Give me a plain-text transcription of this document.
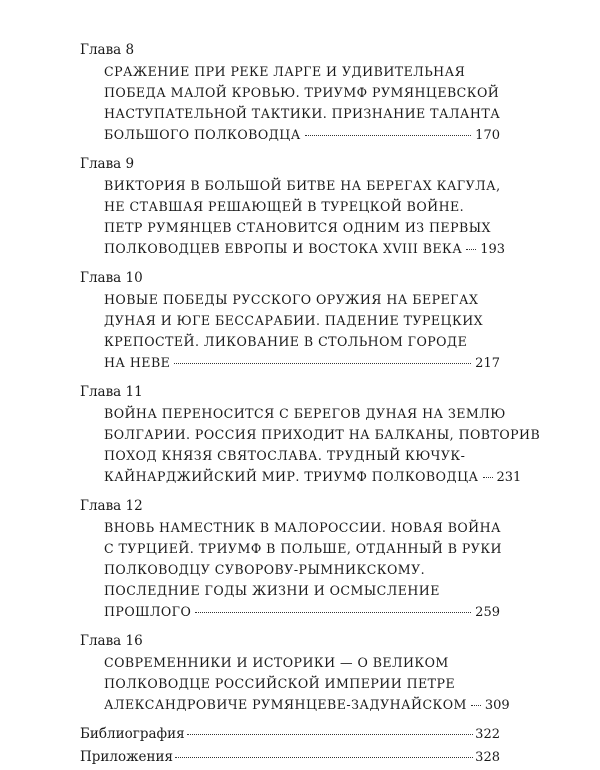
Глава 8
СРАЖЕНИЕ ПРИ РЕКЕ ЛАРГЕ И УДИВИТЕЛЬНАЯ
ПОБЕДА МАЛОЙ КРОВЬЮ. ТРИУМФ РУМЯНЦЕВСКОЙ
НАСТУПАТЕЛЬНОЙ ТАКТИКИ. ПРИЗНАНИЕ ТАЛАНТА
БОЛЬШОГО ПОЛКОВОДЦА	170
Глава 9
ВИКТОРИЯ В БОЛЬШОЙ БИТВЕ НА БЕРЕГАХ КАГУЛА,
НЕ СТАВШАЯ РЕШАЮЩЕЙ В ТУРЕЦКОЙ ВОЙНЕ.
ПЕТР РУМЯНЦЕВ СТАНОВИТСЯ ОДНИМ ИЗ ПЕРВЫХ
ПОЛКОВОДЦЕВ ЕВРОПЫ И ВОСТОКА XVIII ВЕКА 193
Глава 10
НОВЫЕ ПОБЕДЫ РУССКОГО ОРУЖИЯ НА БЕРЕГАХ
ДУНАЯ И ЮГЕ БЕССАРАБИИ. ПАДЕНИЕ ТУРЕЦКИХ
КРЕПОСТЕЙ. ЛИКОВАНИЕ В СТОЛЬНОМ ГОРОДЕ
НА НЕВЕ	217
Глава 11
ВОЙНА ПЕРЕНОСИТСЯ С БЕРЕГОВ ДУНАЯ НА ЗЕМЛЮ
БОЛГАРИИ. РОССИЯ ПРИХОДИТ НА БАЛКАНЫ, ПОВТОРИВ
ПОХОД КНЯЗЯ СВЯТОСЛАВА. ТРУДНЫЙ КЮЧУК-
КАЙНАРДЖИЙСКИЙ МИР. ТРИУМФ ПОЛКОВОДЦА 231
Глава 12
ВНОВЬ НАМЕСТНИК В МАЛОРОССИИ. НОВАЯ ВОЙНА
С ТУРЦИЕЙ. ТРИУМФ В ПОЛЬШЕ, ОТДАННЫЙ В РУКИ
ПОЛКОВОДЦУ СУВОРОВУ-РЫМНИКСКОМУ.
ПОСЛЕДНИЕ ГОДЫ ЖИЗНИ И ОСМЫСЛЕНИЕ
ПРОШЛОГО	259
Глава 16
СОВРЕМЕННИКИ И ИСТОРИКИ — О ВЕЛИКОМ
ПОЛКОВОДЦЕ РОССИЙСКОЙ ИМПЕРИИ ПЕТРЕ
АЛЕКСАНДРОВИЧЕ РУМЯНЦЕВЕ-ЗАДУНАЙСКОМ 309
Библиография	322
Приложения	328
